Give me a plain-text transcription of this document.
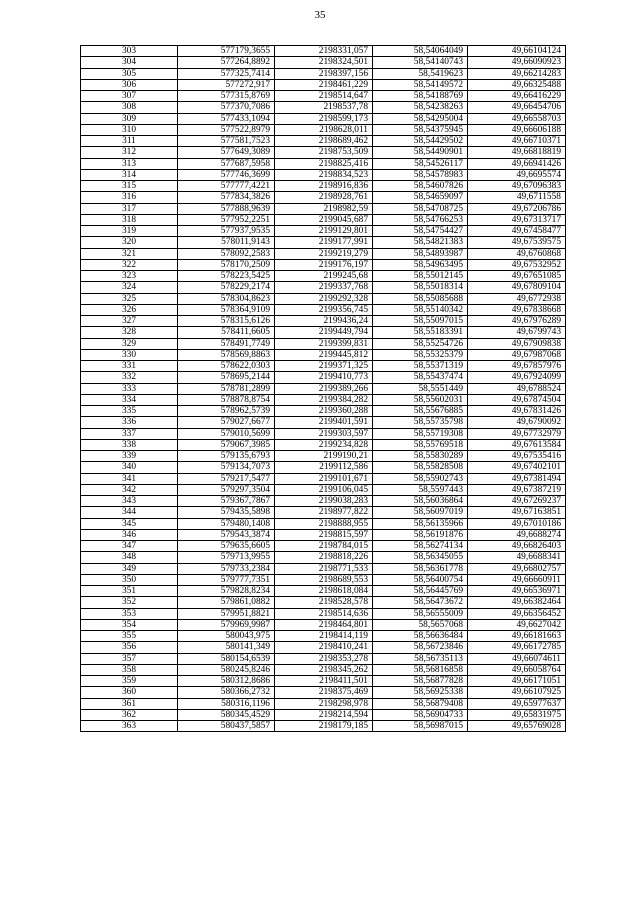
35
303	577179,3655	2198331,057	58,54064049	49,66104124
304	577264,8892	2198324,501	58,54140743	49,66090923
305	577325,7414	2198397,156	58,5419623	49,66214283
306	577272,917	2198461,229	58,54149572	49,66325488
307	577315,8769	2198514,647	58,54188769	49,66416229
308	577370,7086	2198537,78	58,54238263	49,66454706
309	577433,1094	2198599,173	58,54295004	49,66558703
310	577522,8979	2198628,011	58,54375945	49,66606188
311	577581,7523	2198689,462	58,54429502	49,66710371
312	577649,3089	2198753,509	58,54490901	49,66818819
313	577687,5958	2198825,416	58,54526117	49,66941426
314	577746,3699	2198834,523	58,54578983	49,6695574
315	577777,4221	2198916,836	58,54607826	49,67096383
316	577834,3826	2198928,761	58,54659097	49,6711558
317	577888,9639	2198982,59	58,54708725	49,67206786
318	577952,2251	2199045,687	58,54766253	49,67313717
319	577937,9535	2199129,801	58,54754427	49,67458477
320	578011,9143	2199177,991	58,54821383	49,67539575
321	578092,2583	2199219,279	58,54893987	49,6760868
322	578170,2509	2199176,197	58,54963495	49,67532952
323	578223,5425	2199245,68	58,55012145	49,67651085
324	578229,2174	2199337,768	58,55018314	49,67809104
325	578304,8623	2199292,328	58,55085688	49,6772938
326	578364,9109	2199356,745	58,55140342	49,67838668
327	578315,6126	2199436,24	58,55097015	49,67976289
328	578411,6605	2199449,794	58,55183391	49,6799743
329	578491,7749	2199399,831	58,55254726	49,67909838
330	578569,8863	2199445,812	58,55325379	49,67987068
331	578622,0303	2199371,325	58,55371319	49,67857976
332	578695,2144	2199410,773	58,55437474	49,67924099
333	578781,2899	2199389,266	58,5551449	49,6788524
334	578878,8754	2199384,282	58,55602031	49,67874504
335	578962,5739	2199360,288	58,55676885	49,67831426
336	579027,6677	2199401,591	58,55735798	49,6790092
337	579010,5699	2199303,597	58,55719308	49,67732979
338	579067,3985	2199234,828	58,55769518	49,67613584
339	579135,6793	2199190,21	58,55830289	49,67535416
340	579134,7073	2199112,586	58,55828508	49,67402101
341	579217,5477	2199101,671	58,55902743	49,67381494
342	579297,3504	2199106,045	58,5597443	49,67387219
343	579367,7867	2199038,283	58,56036864	49,67269237
344	579435,5898	2198977,822	58,56097019	49,67163851
345	579480,1408	2198888,955	58,56135966	49,67010186
346	579543,3874	2198815,597	58,56191876	49,6688274
347	579635,6605	2198784,015	58,56274134	49,66826403
348	579713,9955	2198818,226	58,56345055	49,6688341
349	579733,2384	2198771,533	58,56361778	49,66802757
350	579777,7351	2198689,553	58,56400754	49,66660911
351	579828,8234	2198618,084	58,56445769	49,66536971
352	579861,0882	2198528,578	58,56473672	49,66382464
353	579951,8821	2198514,636	58,56555009	49,66356452
354	579969,9987	2198464,801	58,5657068	49,6627042
355	580043,975	2198414,119	58,56636484	49,66181663
356	580141,349	2198410,241	58,56723846	49,66172785
357	580154,6539	2198353,278	58,56735113	49,66074611
358	580245,8246	2198345,262	58,56816858	49,66058764
359	580312,8686	2198411,501	58,56877828	49,66171051
360	580366,2732	2198375,469	58,56925338	49,66107925
361	580316,1196	2198298,978	58,56879408	49,65977637
362	580345,4529	2198214,594	58,56904733	49,65831975
363	580437,5857	2198179,185	58,56987015	49,65769028
